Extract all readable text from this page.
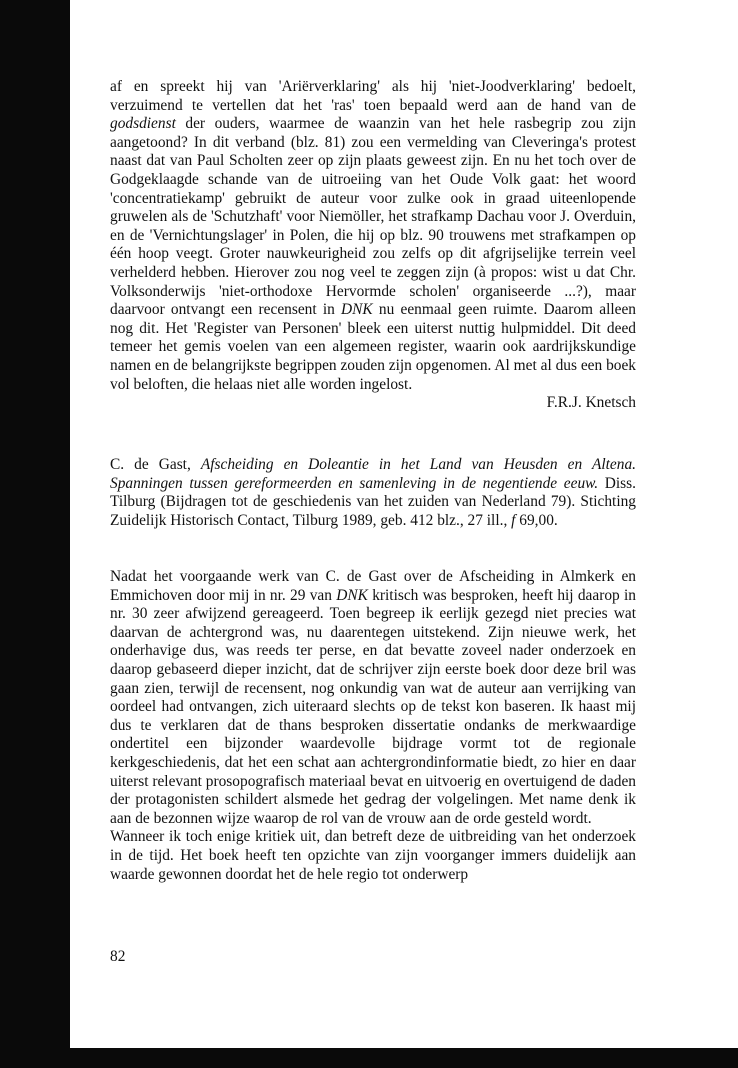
af en spreekt hij van 'Ariërverklaring' als hij 'niet-Joodverklaring' bedoelt, verzuimend te vertellen dat het 'ras' toen bepaald werd aan de hand van de godsdienst der ouders, waarmee de waanzin van het hele rasbegrip zou zijn aangetoond? In dit verband (blz. 81) zou een vermelding van Cleveringa's protest naast dat van Paul Scholten zeer op zijn plaats geweest zijn. En nu het toch over de Godgeklaagde schande van de uitroeiing van het Oude Volk gaat: het woord 'concentratiekamp' gebruikt de auteur voor zulke ook in graad uiteenlopende gruwelen als de 'Schutzhaft' voor Niemöller, het strafkamp Dachau voor J. Overduin, en de 'Vernichtungslager' in Polen, die hij op blz. 90 trouwens met strafkampen op één hoop veegt. Groter nauwkeurigheid zou zelfs op dit afgrijselijke terrein veel verhelderd hebben. Hierover zou nog veel te zeggen zijn (à propos: wist u dat Chr. Volksonderwijs 'niet-orthodoxe Hervormde scholen' organiseerde ...?), maar daarvoor ontvangt een recensent in DNK nu eenmaal geen ruimte. Daarom alleen nog dit. Het 'Register van Personen' bleek een uiterst nuttig hulpmiddel. Dit deed temeer het gemis voelen van een algemeen register, waarin ook aardrijkskundige namen en de belangrijkste begrippen zouden zijn opgenomen. Al met al dus een boek vol beloften, die helaas niet alle worden ingelost.

F.R.J. Knetsch

C. de Gast, Afscheiding en Doleantie in het Land van Heusden en Altena. Spanningen tussen gereformeerden en samenleving in de negentiende eeuw. Diss. Tilburg (Bijdragen tot de geschiedenis van het zuiden van Nederland 79). Stichting Zuidelijk Historisch Contact, Tilburg 1989, geb. 412 blz., 27 ill., f 69,00.

Nadat het voorgaande werk van C. de Gast over de Afscheiding in Almkerk en Emmichoven door mij in nr. 29 van DNK kritisch was besproken, heeft hij daarop in nr. 30 zeer afwijzend gereageerd. Toen begreep ik eerlijk gezegd niet precies wat daarvan de achtergrond was, nu daarentegen uitstekend. Zijn nieuwe werk, het onderhavige dus, was reeds ter perse, en dat bevatte zoveel nader onderzoek en daarop gebaseerd dieper inzicht, dat de schrijver zijn eerste boek door deze bril was gaan zien, terwijl de recensent, nog onkundig van wat de auteur aan verrijking van oordeel had ontvangen, zich uiteraard slechts op de tekst kon baseren. Ik haast mij dus te verklaren dat de thans besproken dissertatie ondanks de merkwaardige ondertitel een bijzonder waardevolle bijdrage vormt tot de regionale kerkgeschiedenis, dat het een schat aan achtergrondinformatie biedt, zo hier en daar uiterst relevant prosopografisch materiaal bevat en uitvoerig en overtuigend de daden der protagonisten schildert alsmede het gedrag der volgelingen. Met name denk ik aan de bezonnen wijze waarop de rol van de vrouw aan de orde gesteld wordt.

Wanneer ik toch enige kritiek uit, dan betreft deze de uitbreiding van het onderzoek in de tijd. Het boek heeft ten opzichte van zijn voorganger immers duidelijk aan waarde gewonnen doordat het de hele regio tot onderwerp

82
